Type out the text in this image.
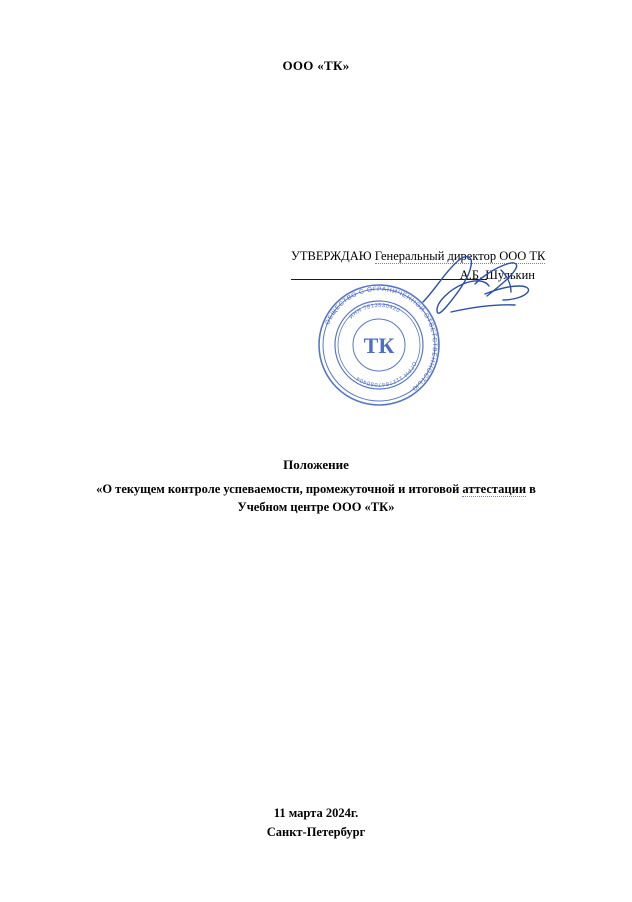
ООО «ТК»
УТВЕРЖДАЮ Генеральный директор ООО ТК
А.Б. Шулькин
ОБЩЕСТВО С ОГРАНИЧЕННОЙ ОТВЕТСТВЕННОСТЬЮ
ОГРН 1127847080404
ИНН 7813530420
ТК
Положение
«О текущем контроле успеваемости, промежуточной и итоговой аттестации в
Учебном центре ООО «ТК»
11 марта 2024г.
Санкт-Петербург
